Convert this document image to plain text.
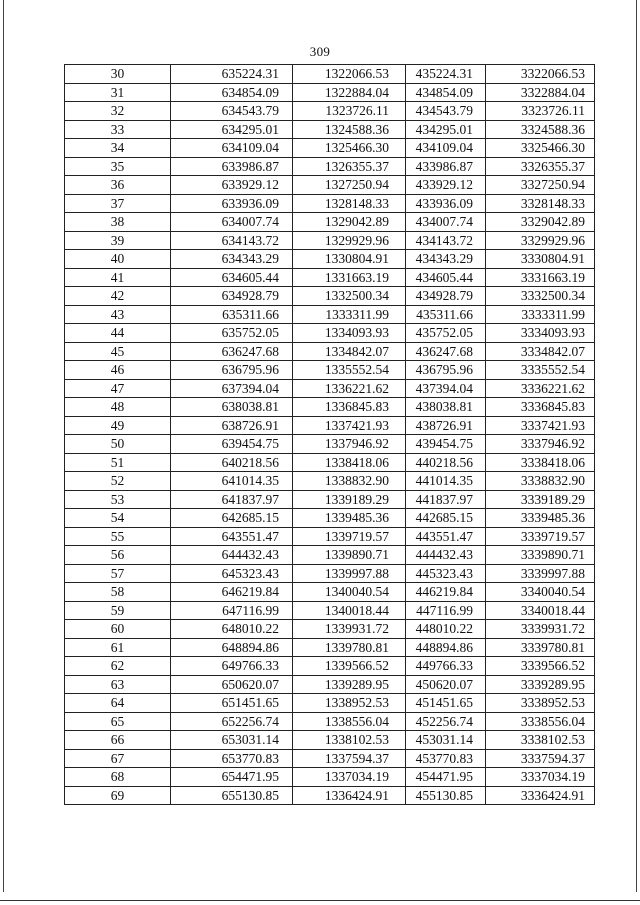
309
30	635224.31	1322066.53	435224.31	3322066.53
31	634854.09	1322884.04	434854.09	3322884.04
32	634543.79	1323726.11	434543.79	3323726.11
33	634295.01	1324588.36	434295.01	3324588.36
34	634109.04	1325466.30	434109.04	3325466.30
35	633986.87	1326355.37	433986.87	3326355.37
36	633929.12	1327250.94	433929.12	3327250.94
37	633936.09	1328148.33	433936.09	3328148.33
38	634007.74	1329042.89	434007.74	3329042.89
39	634143.72	1329929.96	434143.72	3329929.96
40	634343.29	1330804.91	434343.29	3330804.91
41	634605.44	1331663.19	434605.44	3331663.19
42	634928.79	1332500.34	434928.79	3332500.34
43	635311.66	1333311.99	435311.66	3333311.99
44	635752.05	1334093.93	435752.05	3334093.93
45	636247.68	1334842.07	436247.68	3334842.07
46	636795.96	1335552.54	436795.96	3335552.54
47	637394.04	1336221.62	437394.04	3336221.62
48	638038.81	1336845.83	438038.81	3336845.83
49	638726.91	1337421.93	438726.91	3337421.93
50	639454.75	1337946.92	439454.75	3337946.92
51	640218.56	1338418.06	440218.56	3338418.06
52	641014.35	1338832.90	441014.35	3338832.90
53	641837.97	1339189.29	441837.97	3339189.29
54	642685.15	1339485.36	442685.15	3339485.36
55	643551.47	1339719.57	443551.47	3339719.57
56	644432.43	1339890.71	444432.43	3339890.71
57	645323.43	1339997.88	445323.43	3339997.88
58	646219.84	1340040.54	446219.84	3340040.54
59	647116.99	1340018.44	447116.99	3340018.44
60	648010.22	1339931.72	448010.22	3339931.72
61	648894.86	1339780.81	448894.86	3339780.81
62	649766.33	1339566.52	449766.33	3339566.52
63	650620.07	1339289.95	450620.07	3339289.95
64	651451.65	1338952.53	451451.65	3338952.53
65	652256.74	1338556.04	452256.74	3338556.04
66	653031.14	1338102.53	453031.14	3338102.53
67	653770.83	1337594.37	453770.83	3337594.37
68	654471.95	1337034.19	454471.95	3337034.19
69	655130.85	1336424.91	455130.85	3336424.91
